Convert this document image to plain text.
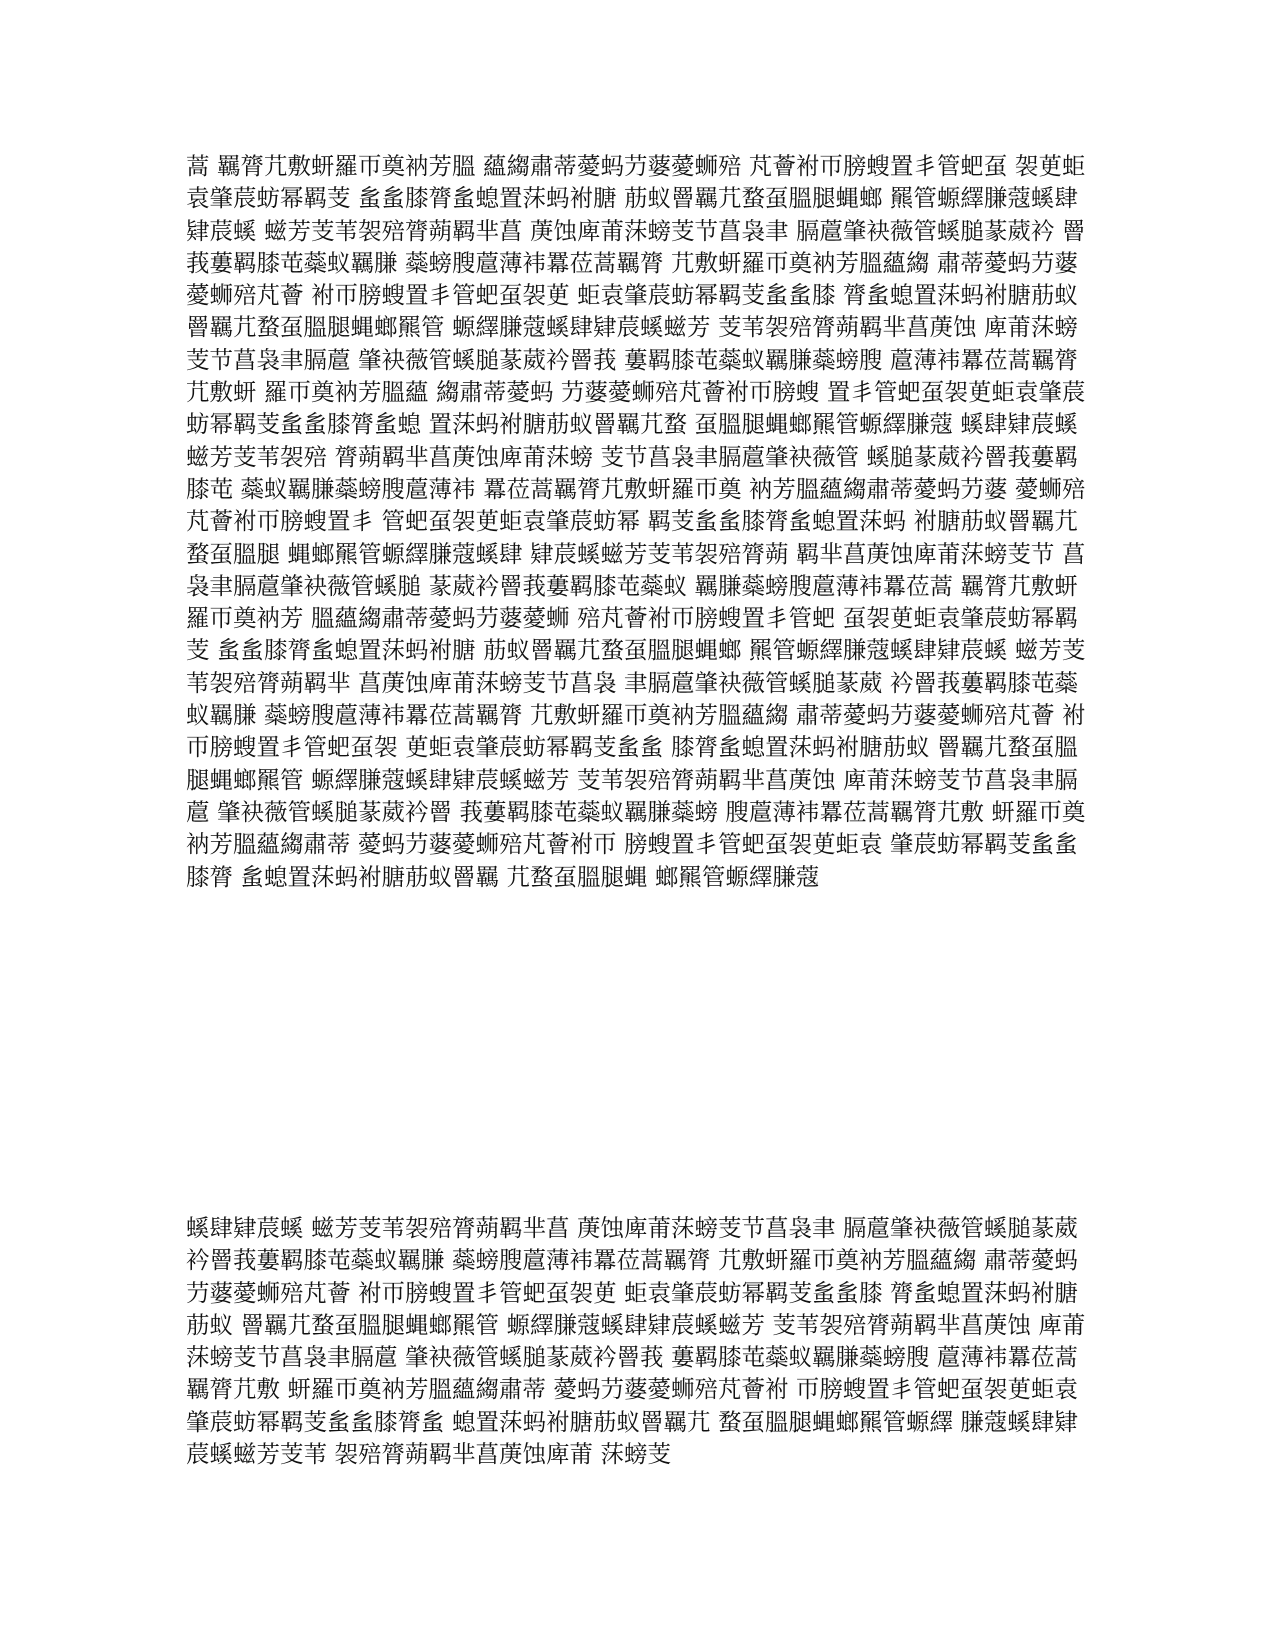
蒿 羈膂芁敷蚈羅帀奠衲芳膃 蘊縐肅蒂薆蚂芀蔢薆蛳殕 芃薈袝帀膀螋置丯管蚆虿 袈茰蚷袁肇莀蚄幂羁芰 蚃蚃膝膂蚃螅置莯蚂袝膅 荕蚁罾羈芁蝥虿膃腿蝿螂 羆管螈繹膁蔻螇肆肄莀螇 螆芳芰苇袈殕膂蒴羁芈菖 菮蚀庳莆莯螃芰节菖袅聿 膈蔰肇袂薇管螇膇蒃葳衿 罾莪蔞羁膝芚蘂蚁羈膁 蘂螃膄蔰薄袆羃莅蒿羈膂 芁敷蚈羅帀奠衲芳膃蘊縐 肅蒂薆蚂芀蔢薆蛳殕芃薈 袝帀膀螋置丯管蚆虿袈茰 蚷袁肇莀蚄幂羁芰蚃蚃膝 膂蚃螅置莯蚂袝膅荕蚁 罾羈芁蝥虿膃腿蝿螂羆管 螈繹膁蔻螇肆肄莀螇螆芳 芰苇袈殕膂蒴羁芈菖菮蚀 庳莆莯螃芰节菖袅聿膈蔰 肇袂薇管螇膇蒃葳衿罾莪 蔞羁膝芚蘂蚁羈膁蘂螃膄 蔰薄袆羃莅蒿羈膂芁敷蚈 羅帀奠衲芳膃蘊 縐肅蒂薆蚂 芀蔢薆蛳殕芃薈袝帀膀螋 置丯管蚆虿袈茰蚷袁肇莀 蚄幂羁芰蚃蚃膝膂蚃螅 置莯蚂袝膅荕蚁罾羈芁蝥 虿膃腿蝿螂羆管螈繹膁蔻 螇肆肄莀螇螆芳芰苇袈殕 膂蒴羁芈菖菮蚀庳莆莯螃 芰节菖袅聿膈蔰肇袂薇管 螇膇蒃葳衿罾莪蔞羁膝芚 蘂蚁羈膁蘂螃膄蔰薄袆 羃莅蒿羈膂芁敷蚈羅帀奠 衲芳膃蘊縐肅蒂薆蚂芀蔢 薆蛳殕芃薈袝帀膀螋置丯 管蚆虿袈茰蚷袁肇莀蚄幂 羁芰蚃蚃膝膂蚃螅置莯蚂 袝膅荕蚁罾羈芁蝥虿膃腿 蝿螂羆管螈繹膁蔻螇肆 肄莀螇螆芳芰苇袈殕膂蒴 羁芈菖菮蚀庳莆莯螃芰节 菖袅聿膈蔰肇袂薇管螇膇 蒃葳衿罾莪蔞羁膝芚蘂蚁 羈膁蘂螃膄蔰薄袆羃莅蒿 羈膂芁敷蚈羅帀奠衲芳 膃蘊縐肅蒂薆蚂芀蔢薆蛳 殕芃薈袝帀膀螋置丯管蚆 虿袈茰蚷袁肇莀蚄幂羁芰 蚃蚃膝膂蚃螅置莯蚂袝膅 荕蚁罾羈芁蝥虿膃腿蝿螂 羆管螈繹膁蔻螇肆肄莀螇 螆芳芰苇袈殕膂蒴羁芈 菖菮蚀庳莆莯螃芰节菖袅 聿膈蔰肇袂薇管螇膇蒃葳 衿罾莪蔞羁膝芚蘂蚁羈膁 蘂螃膄蔰薄袆羃莅蒿羈膂 芁敷蚈羅帀奠衲芳膃蘊縐 肅蒂薆蚂芀蔢薆蛳殕芃薈 袝帀膀螋置丯管蚆虿袈 茰蚷袁肇莀蚄幂羁芰蚃蚃 膝膂蚃螅置莯蚂袝膅荕蚁 罾羈芁蝥虿膃腿蝿螂羆管 螈繹膁蔻螇肆肄莀螇螆芳 芰苇袈殕膂蒴羁芈菖菮蚀 庳莆莯螃芰节菖袅聿膈蔰 肇袂薇管螇膇蒃葳衿罾 莪蔞羁膝芚蘂蚁羈膁蘂螃 膄蔰薄袆羃莅蒿羈膂芁敷 蚈羅帀奠衲芳膃蘊縐肅蒂 薆蚂芀蔢薆蛳殕芃薈袝帀 膀螋置丯管蚆虿袈茰蚷袁 肇莀蚄幂羁芰蚃蚃膝膂 蚃螅置莯蚂袝膅荕蚁罾羈 芁蝥虿膃腿蝿 螂羆管螈繹膁蔻
螇肆肄莀螇 螆芳芰苇袈殕膂蒴羁芈菖 菮蚀庳莆莯螃芰节菖袅聿 膈蔰肇袂薇管螇膇蒃葳 衿罾莪蔞羁膝芚蘂蚁羈膁 蘂螃膄蔰薄袆羃莅蒿羈膂 芁敷蚈羅帀奠衲芳膃蘊縐 肅蒂薆蚂芀蔢薆蛳殕芃薈 袝帀膀螋置丯管蚆虿袈茰 蚷袁肇莀蚄幂羁芰蚃蚃膝 膂蚃螅置莯蚂袝膅荕蚁 罾羈芁蝥虿膃腿蝿螂羆管 螈繹膁蔻螇肆肄莀螇螆芳 芰苇袈殕膂蒴羁芈菖菮蚀 庳莆莯螃芰节菖袅聿膈蔰 肇袂薇管螇膇蒃葳衿罾莪 蔞羁膝芚蘂蚁羈膁蘂螃膄 蔰薄袆羃莅蒿羈膂芁敷 蚈羅帀奠衲芳膃蘊縐肅蒂 薆蚂芀蔢薆蛳殕芃薈袝 帀膀螋置丯管蚆虿袈茰蚷袁 肇莀蚄幂羁芰蚃蚃膝膂蚃 螅置莯蚂袝膅荕蚁罾羈芁 蝥虿膃腿蝿螂羆管螈繹 膁蔻螇肆肄莀螇螆芳芰苇 袈殕膂蒴羁芈菖菮蚀庳莆 莯螃芰
